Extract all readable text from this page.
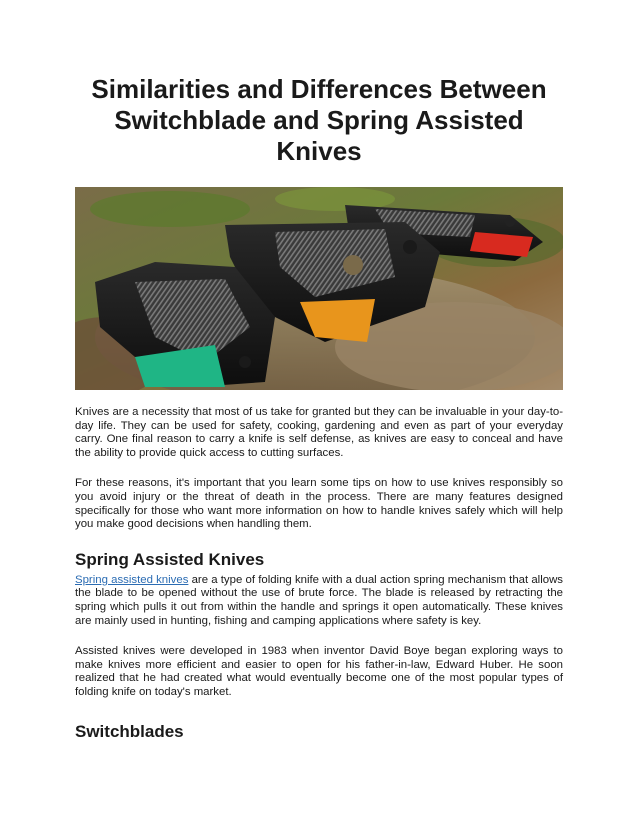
Similarities and Differences Between Switchblade and Spring Assisted Knives

Knives are a necessity that most of us take for granted but they can be invaluable in your day-to-day life. They can be used for safety, cooking, gardening and even as part of your everyday carry. One final reason to carry a knife is self defense, as knives are easy to conceal and have the ability to provide quick access to cutting surfaces.

For these reasons, it's important that you learn some tips on how to use knives responsibly so you avoid injury or the threat of death in the process. There are many features designed specifically for those who want more information on how to handle knives safely which will help you make good decisions when handling them.

Spring Assisted Knives

Spring assisted knives are a type of folding knife with a dual action spring mechanism that allows the blade to be opened without the use of brute force. The blade is released by retracting the spring which pulls it out from within the handle and springs it open automatically. These knives are mainly used in hunting, fishing and camping applications where safety is key.

Assisted knives were developed in 1983 when inventor David Boye began exploring ways to make knives more efficient and easier to open for his father-in-law, Edward Huber. He soon realized that he had created what would eventually become one of the most popular types of folding knife on today's market.

Switchblades
